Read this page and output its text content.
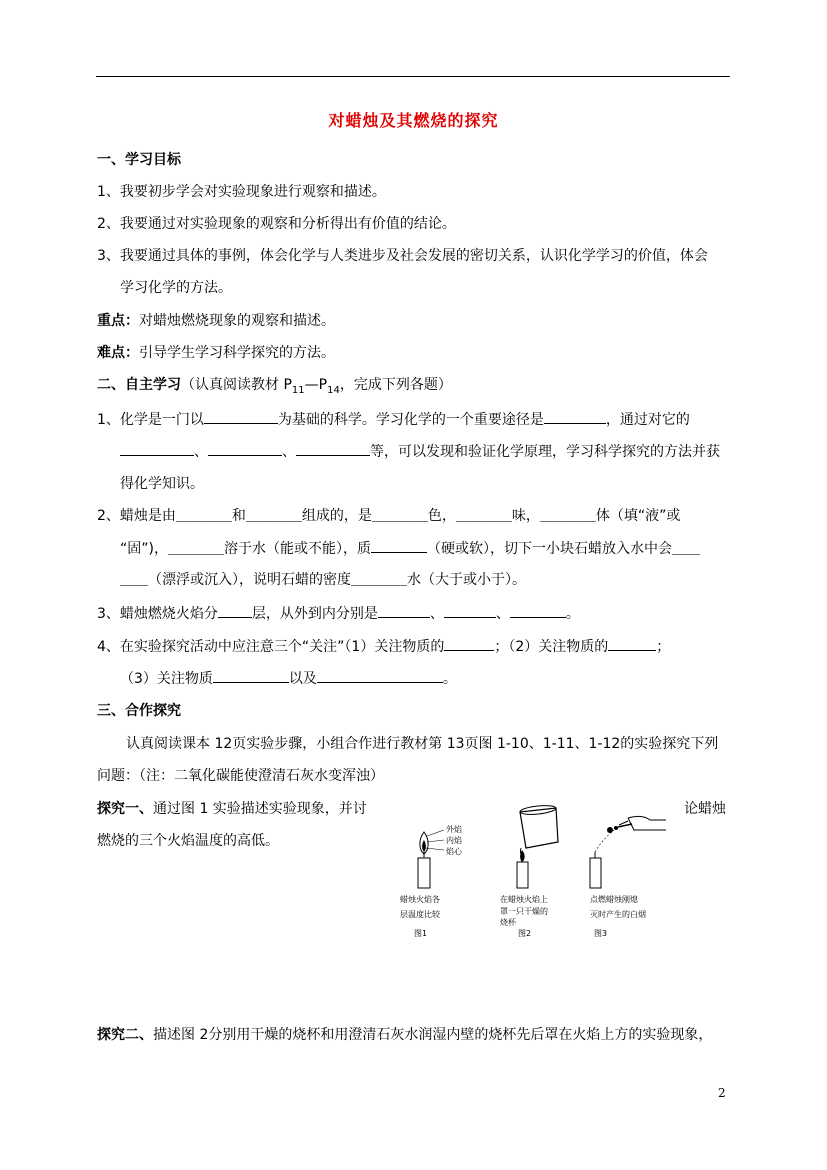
对蜡烛及其燃烧的探究
一、学习目标
1、我要初步学会对实验现象进行观察和描述。
2、我要通过对实验现象的观察和分析得出有价值的结论。
3、我要通过具体的事例，体会化学与人类进步及社会发展的密切关系，认识化学学习的价值，体会
学习化学的方法。
重点：对蜡烛燃烧现象的观察和描述。
难点：引导学生学习科学探究的方法。
二、自主学习（认真阅读教材 $P_{11}—P_{14}$，完成下列各题）
1、化学是一门以	为基础的科学。学习化学的一个重要途径是	，通过对它的
、	、	等，可以发现和验证化学原理，学习科学探究的方法并获
得化学知识。
2、蜡烛是由＿＿＿＿和＿＿＿＿组成的，是＿＿＿＿色，＿＿＿＿味，＿＿＿＿体（填“液”或
“固”)，＿＿＿＿溶于水（能或不能），质	（硬或软），切下一小块石蜡放入水中会＿＿
＿＿（漂浮或沉入），说明石蜡的密度＿＿＿＿水（大于或小于）。
3、蜡烛燃烧火焰分 层，从外到内分别是	、	、	。
4、在实验探究活动中应注意三个“关注”（1）关注物质的	；（2）关注物质的	；
（3）关注物质	以及	。
三、合作探究
认真阅读课本 12页实验步骤，小组合作进行教材第 13页图 1-10、1-11、1-12的实验探究下列
问题：（注：二氧化碳能使澄清石灰水变浑浊）
探究一、通过图 1 实验描述实验现象，并讨	论蜡烛
燃烧的三个火焰温度的高低。
外焰
内焰
焰心
蜡烛火焰各
层温度比较
图1
在蜡烛火焰上
罩一只干燥的
烧杯
图2
点燃蜡烛刚熄
灭时产生的白烟
图3
探究二、描述图 2分别用干燥的烧杯和用澄清石灰水润湿内壁的烧杯先后罩在火焰上方的实验现象，
2
